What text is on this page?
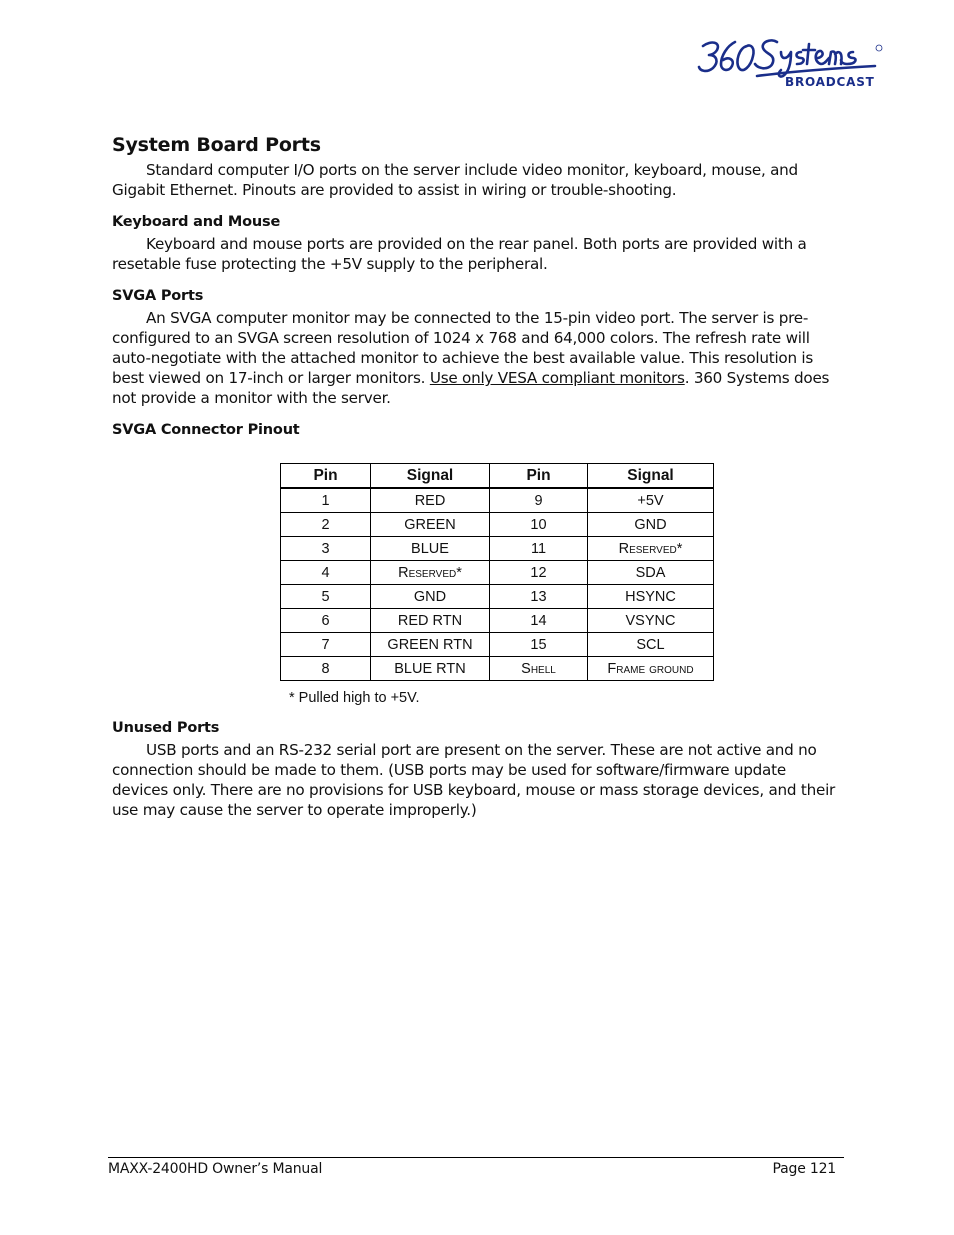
BROADCAST
System Board Ports

Standard computer I/O ports on the server include video monitor, keyboard, mouse, and Gigabit Ethernet. Pinouts are provided to assist in wiring or trouble-shooting.

Keyboard and Mouse

Keyboard and mouse ports are provided on the rear panel. Both ports are provided with a resetable fuse protecting the +5V supply to the peripheral.

SVGA Ports

An SVGA computer monitor may be connected to the 15-pin video port. The server is pre-configured to an SVGA screen resolution of 1024 x 768 and 64,000 colors. The refresh rate will auto-negotiate with the attached monitor to achieve the best available value. This resolution is best viewed on 17-inch or larger monitors. Use only VESA compliant monitors. 360 Systems does not provide a monitor with the server.

SVGA Connector Pinout
Pin	Signal	Pin	Signal
1	RED	9	+5V
2	GREEN	10	GND
3	BLUE	11	Reserved*
4	Reserved*	12	SDA
5	GND	13	HSYNC
6	RED RTN	14	VSYNC
7	GREEN RTN	15	SCL
8	BLUE RTN	Shell	Frame ground
* Pulled high to +5V.
Unused Ports

USB ports and an RS-232 serial port are present on the server. These are not active and no connection should be made to them. (USB ports may be used for software/firmware update devices only. There are no provisions for USB keyboard, mouse or mass storage devices, and their use may cause the server to operate improperly.)

MAXX-2400HD Owner’s Manual	Page 121
